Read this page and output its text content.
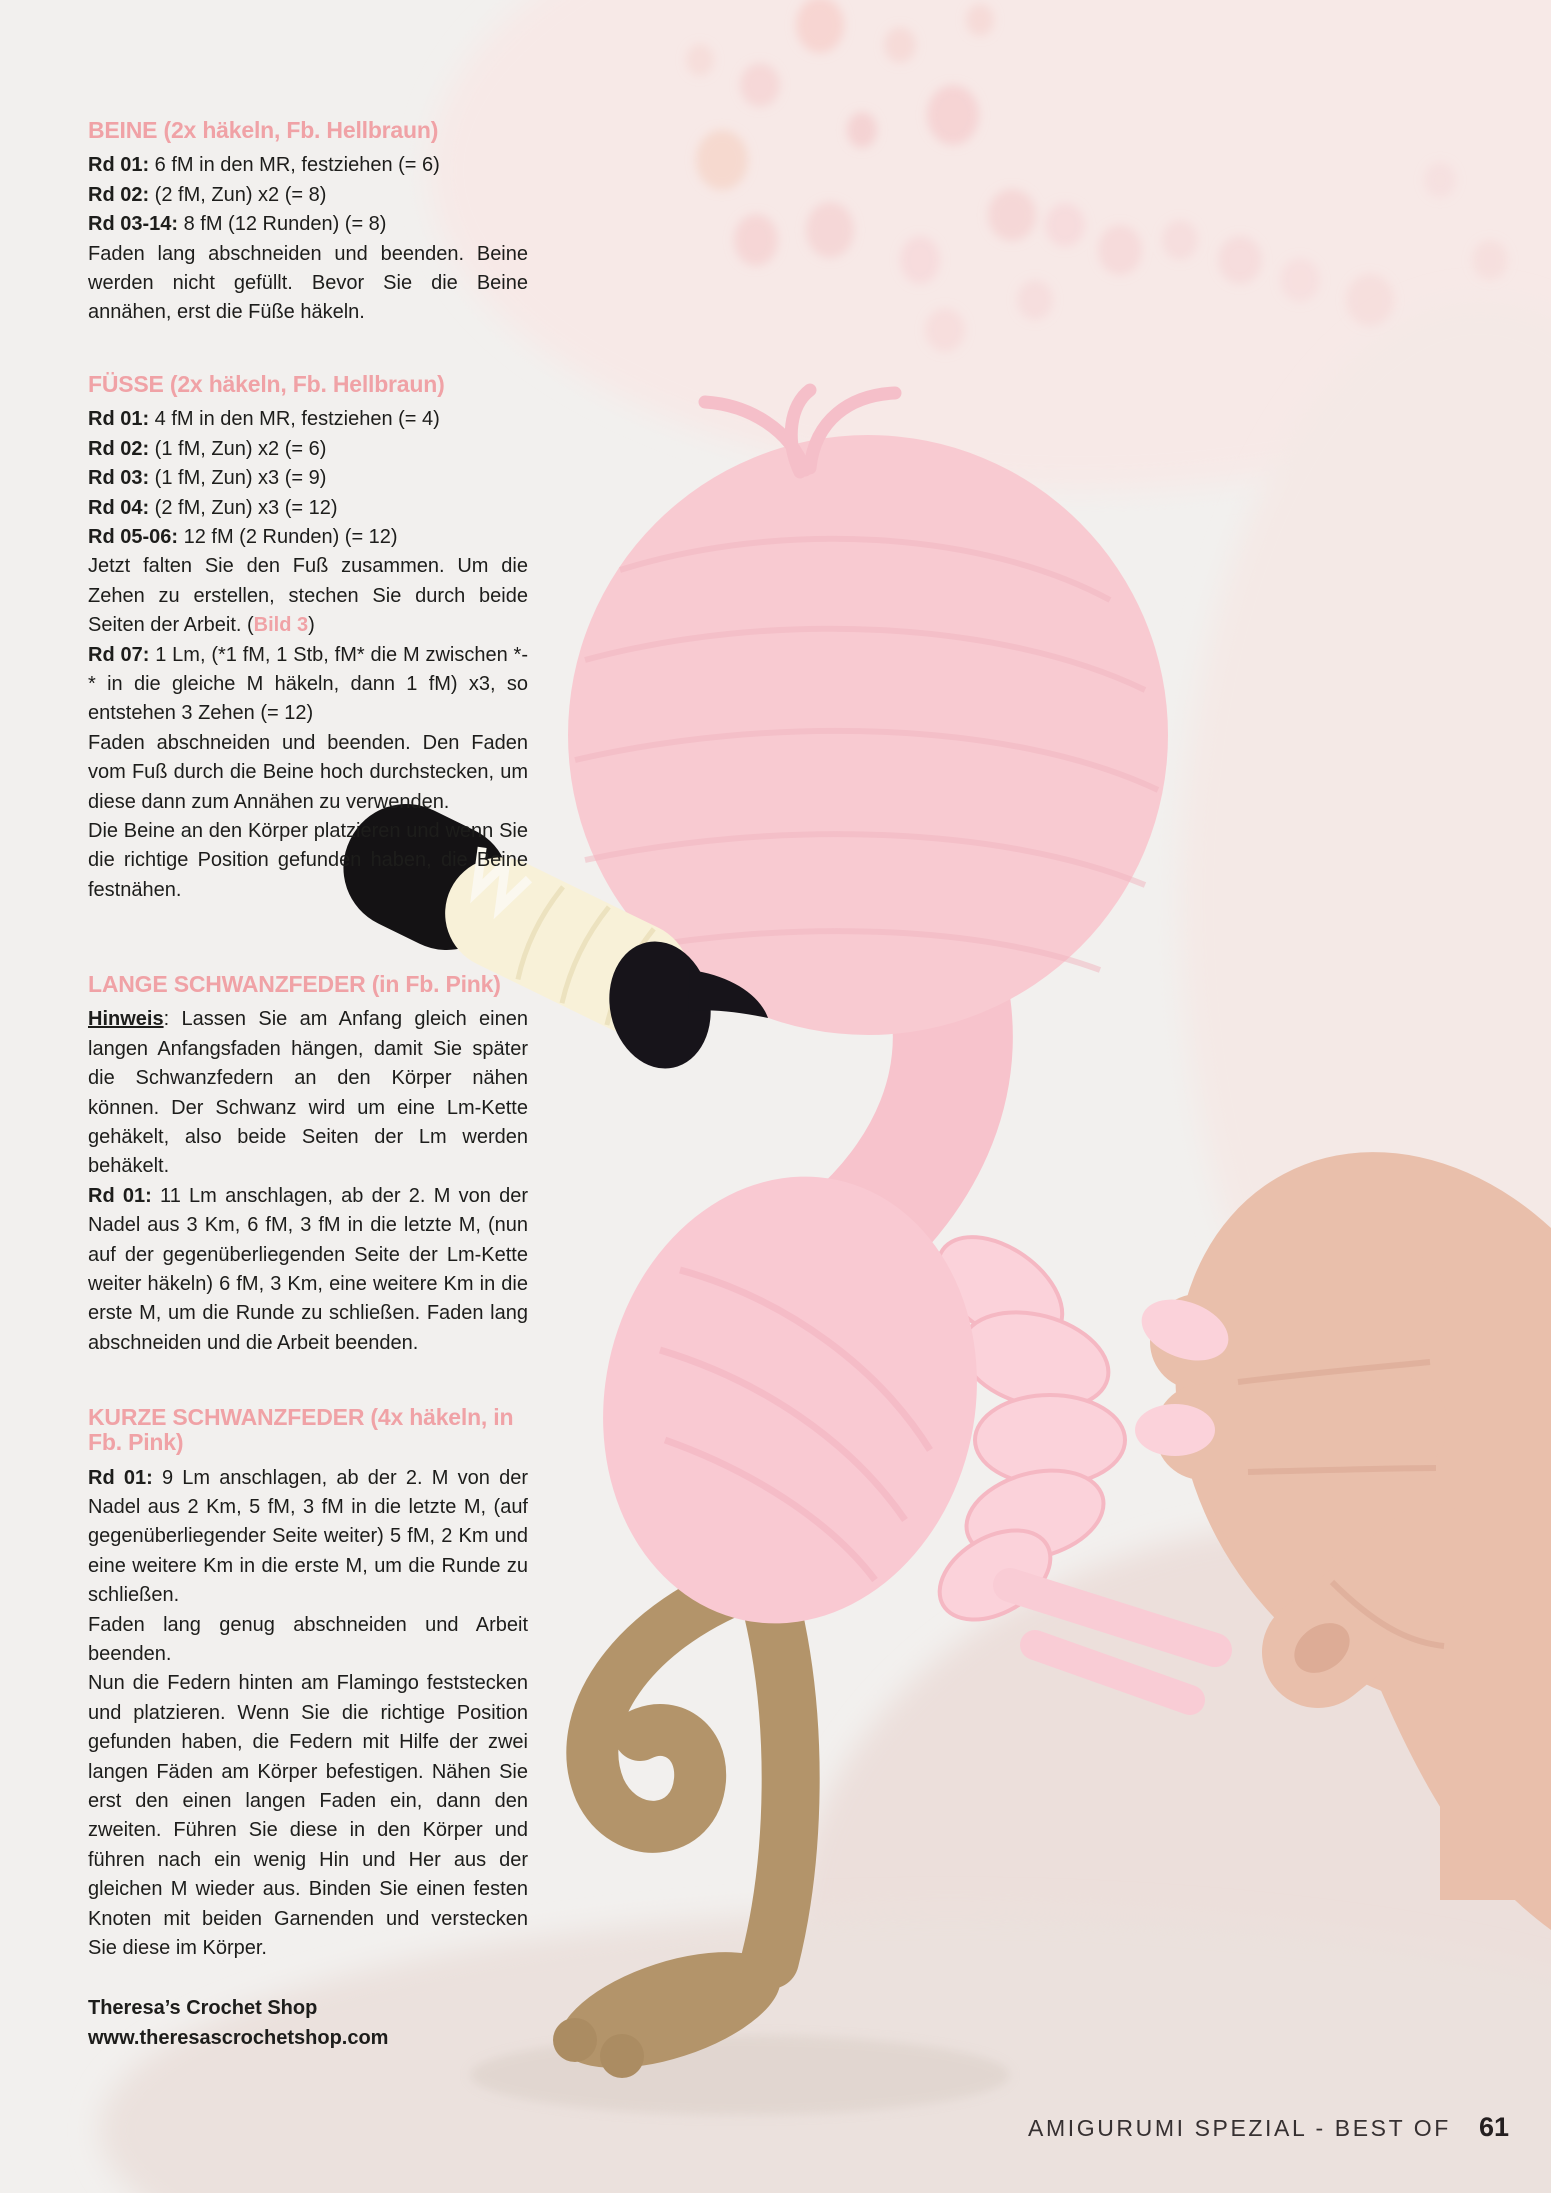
BEINE (2x häkeln, Fb. Hellbraun)
Rd 01: 6 fM in den MR, festziehen (= 6)
Rd 02: (2 fM, Zun) x2 (= 8)
Rd 03-14: 8 fM (12 Runden) (= 8)

Faden lang abschneiden und beenden. Beine werden nicht gefüllt. Bevor Sie die Beine annähen, erst die Füße häkeln.

FÜSSE (2x häkeln, Fb. Hellbraun)
Rd 01: 4 fM in den MR, festziehen (= 4)
Rd 02: (1 fM, Zun) x2 (= 6)
Rd 03: (1 fM, Zun) x3 (= 9)
Rd 04: (2 fM, Zun) x3 (= 12)
Rd 05-06: 12 fM (2 Runden) (= 12)

Jetzt falten Sie den Fuß zusammen. Um die Zehen zu erstellen, stechen Sie durch beide Seiten der Arbeit. (Bild 3)

Rd 07: 1 Lm, (*1 fM, 1 Stb, fM* die M zwischen *-* in die gleiche M häkeln, dann 1 fM) x3, so entstehen 3 Zehen (= 12)

Faden abschneiden und beenden. Den Faden vom Fuß durch die Beine hoch durchstecken, um diese dann zum Annähen zu verwenden.

Die Beine an den Körper platzieren und wenn Sie die richtige Position gefunden haben, die Beine festnähen.

LANGE SCHWANZFEDER (in Fb. Pink)

Hinweis: Lassen Sie am Anfang gleich einen langen Anfangsfaden hängen, damit Sie später die Schwanzfedern an den Körper nähen können. Der Schwanz wird um eine Lm-Kette gehäkelt, also beide Seiten der Lm werden behäkelt.

Rd 01: 11 Lm anschlagen, ab der 2. M von der Nadel aus 3 Km, 6 fM, 3 fM in die letzte M, (nun auf der gegenüberliegenden Seite der Lm-Kette weiter häkeln) 6 fM, 3 Km, eine weitere Km in die erste M, um die Runde zu schließen. Faden lang abschneiden und die Arbeit beenden.

KURZE SCHWANZFEDER (4x häkeln, in Fb. Pink)

Rd 01: 9 Lm anschlagen, ab der 2. M von der Nadel aus 2 Km, 5 fM, 3 fM in die letzte M, (auf gegenüberliegender Seite weiter) 5 fM, 2 Km und eine weitere Km in die erste M, um die Runde zu schließen.

Faden lang genug abschneiden und Arbeit beenden.

Nun die Federn hinten am Flamingo feststecken und platzieren. Wenn Sie die richtige Position gefunden haben, die Federn mit Hilfe der zwei langen Fäden am Körper befestigen. Nähen Sie erst den einen langen Faden ein, dann den zweiten. Führen Sie diese in den Körper und führen nach ein wenig Hin und Her aus der gleichen M wieder aus. Binden Sie einen festen Knoten mit beiden Garnenden und verstecken Sie diese im Körper.

Theresa’s Crochet Shop
www.theresascrochetshop.com
AMIGURUMI SPEZIAL - BEST OF 61
